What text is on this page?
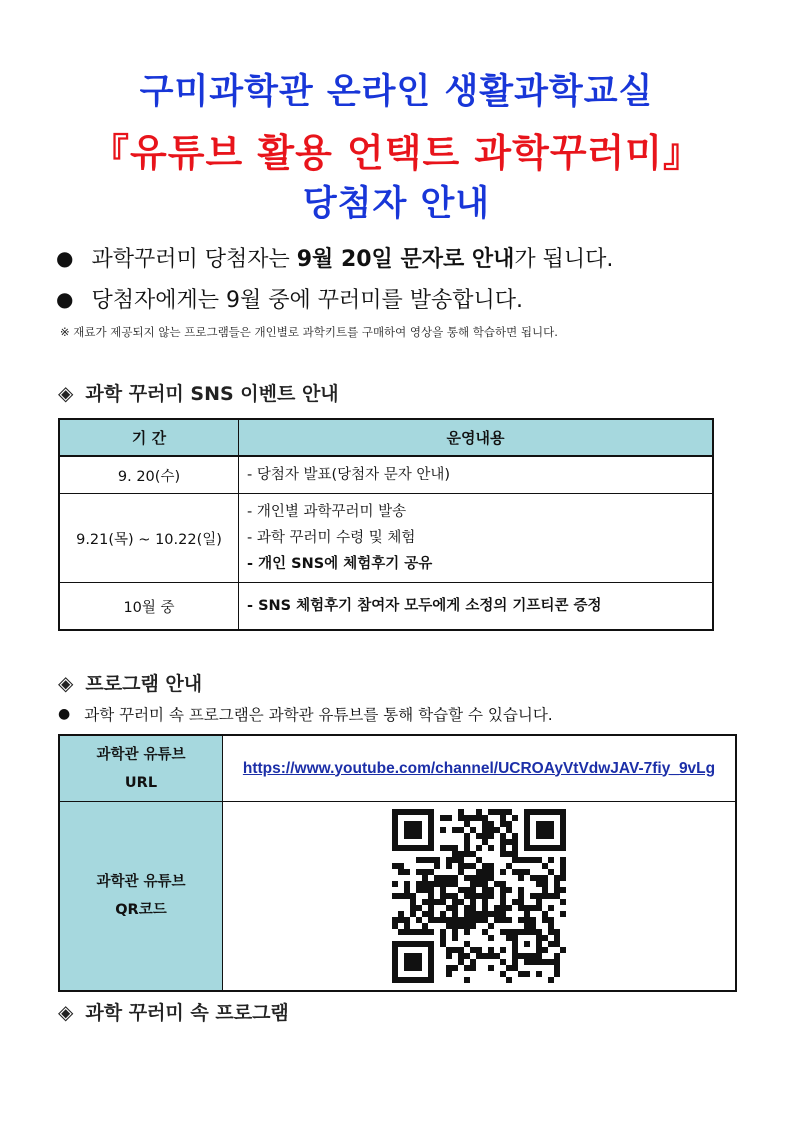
구미과학관 온라인 생활과학교실
『유튜브 활용 언택트 과학꾸러미』
당첨자 안내
● 과학꾸러미 당첨자는 9월 20일 문자로 안내가 됩니다.
● 당첨자에게는 9월 중에 꾸러미를 발송합니다.
※ 재료가 제공되지 않는 프로그램들은 개인별로 과학키트를 구매하여 영상을 통해 학습하면 됩니다.
◈ 과학 꾸러미 SNS 이벤트 안내
기 간	운영내용
9. 20(수)	- 당첨자 발표(당첨자 문자 안내)

9.21(목) ~ 10.22(일)	- 개인별 과학꾸러미 발송
- 과학 꾸러미 수령 및 체험
- 개인 SNS에 체험후기 공유

10월 중	- SNS 체험후기 참여자 모두에게 소정의 기프티콘 증정
◈ 프로그램 안내
● 과학 꾸러미 속 프로그램은 과학관 유튜브를 통해 학습할 수 있습니다.
과학관 유튜브
URL	https://www.youtube.com/channel/UCROAyVtVdwJAV-7fiy_9vLg

과학관 유튜브
QR코드

◈ 과학 꾸러미 속 프로그램
